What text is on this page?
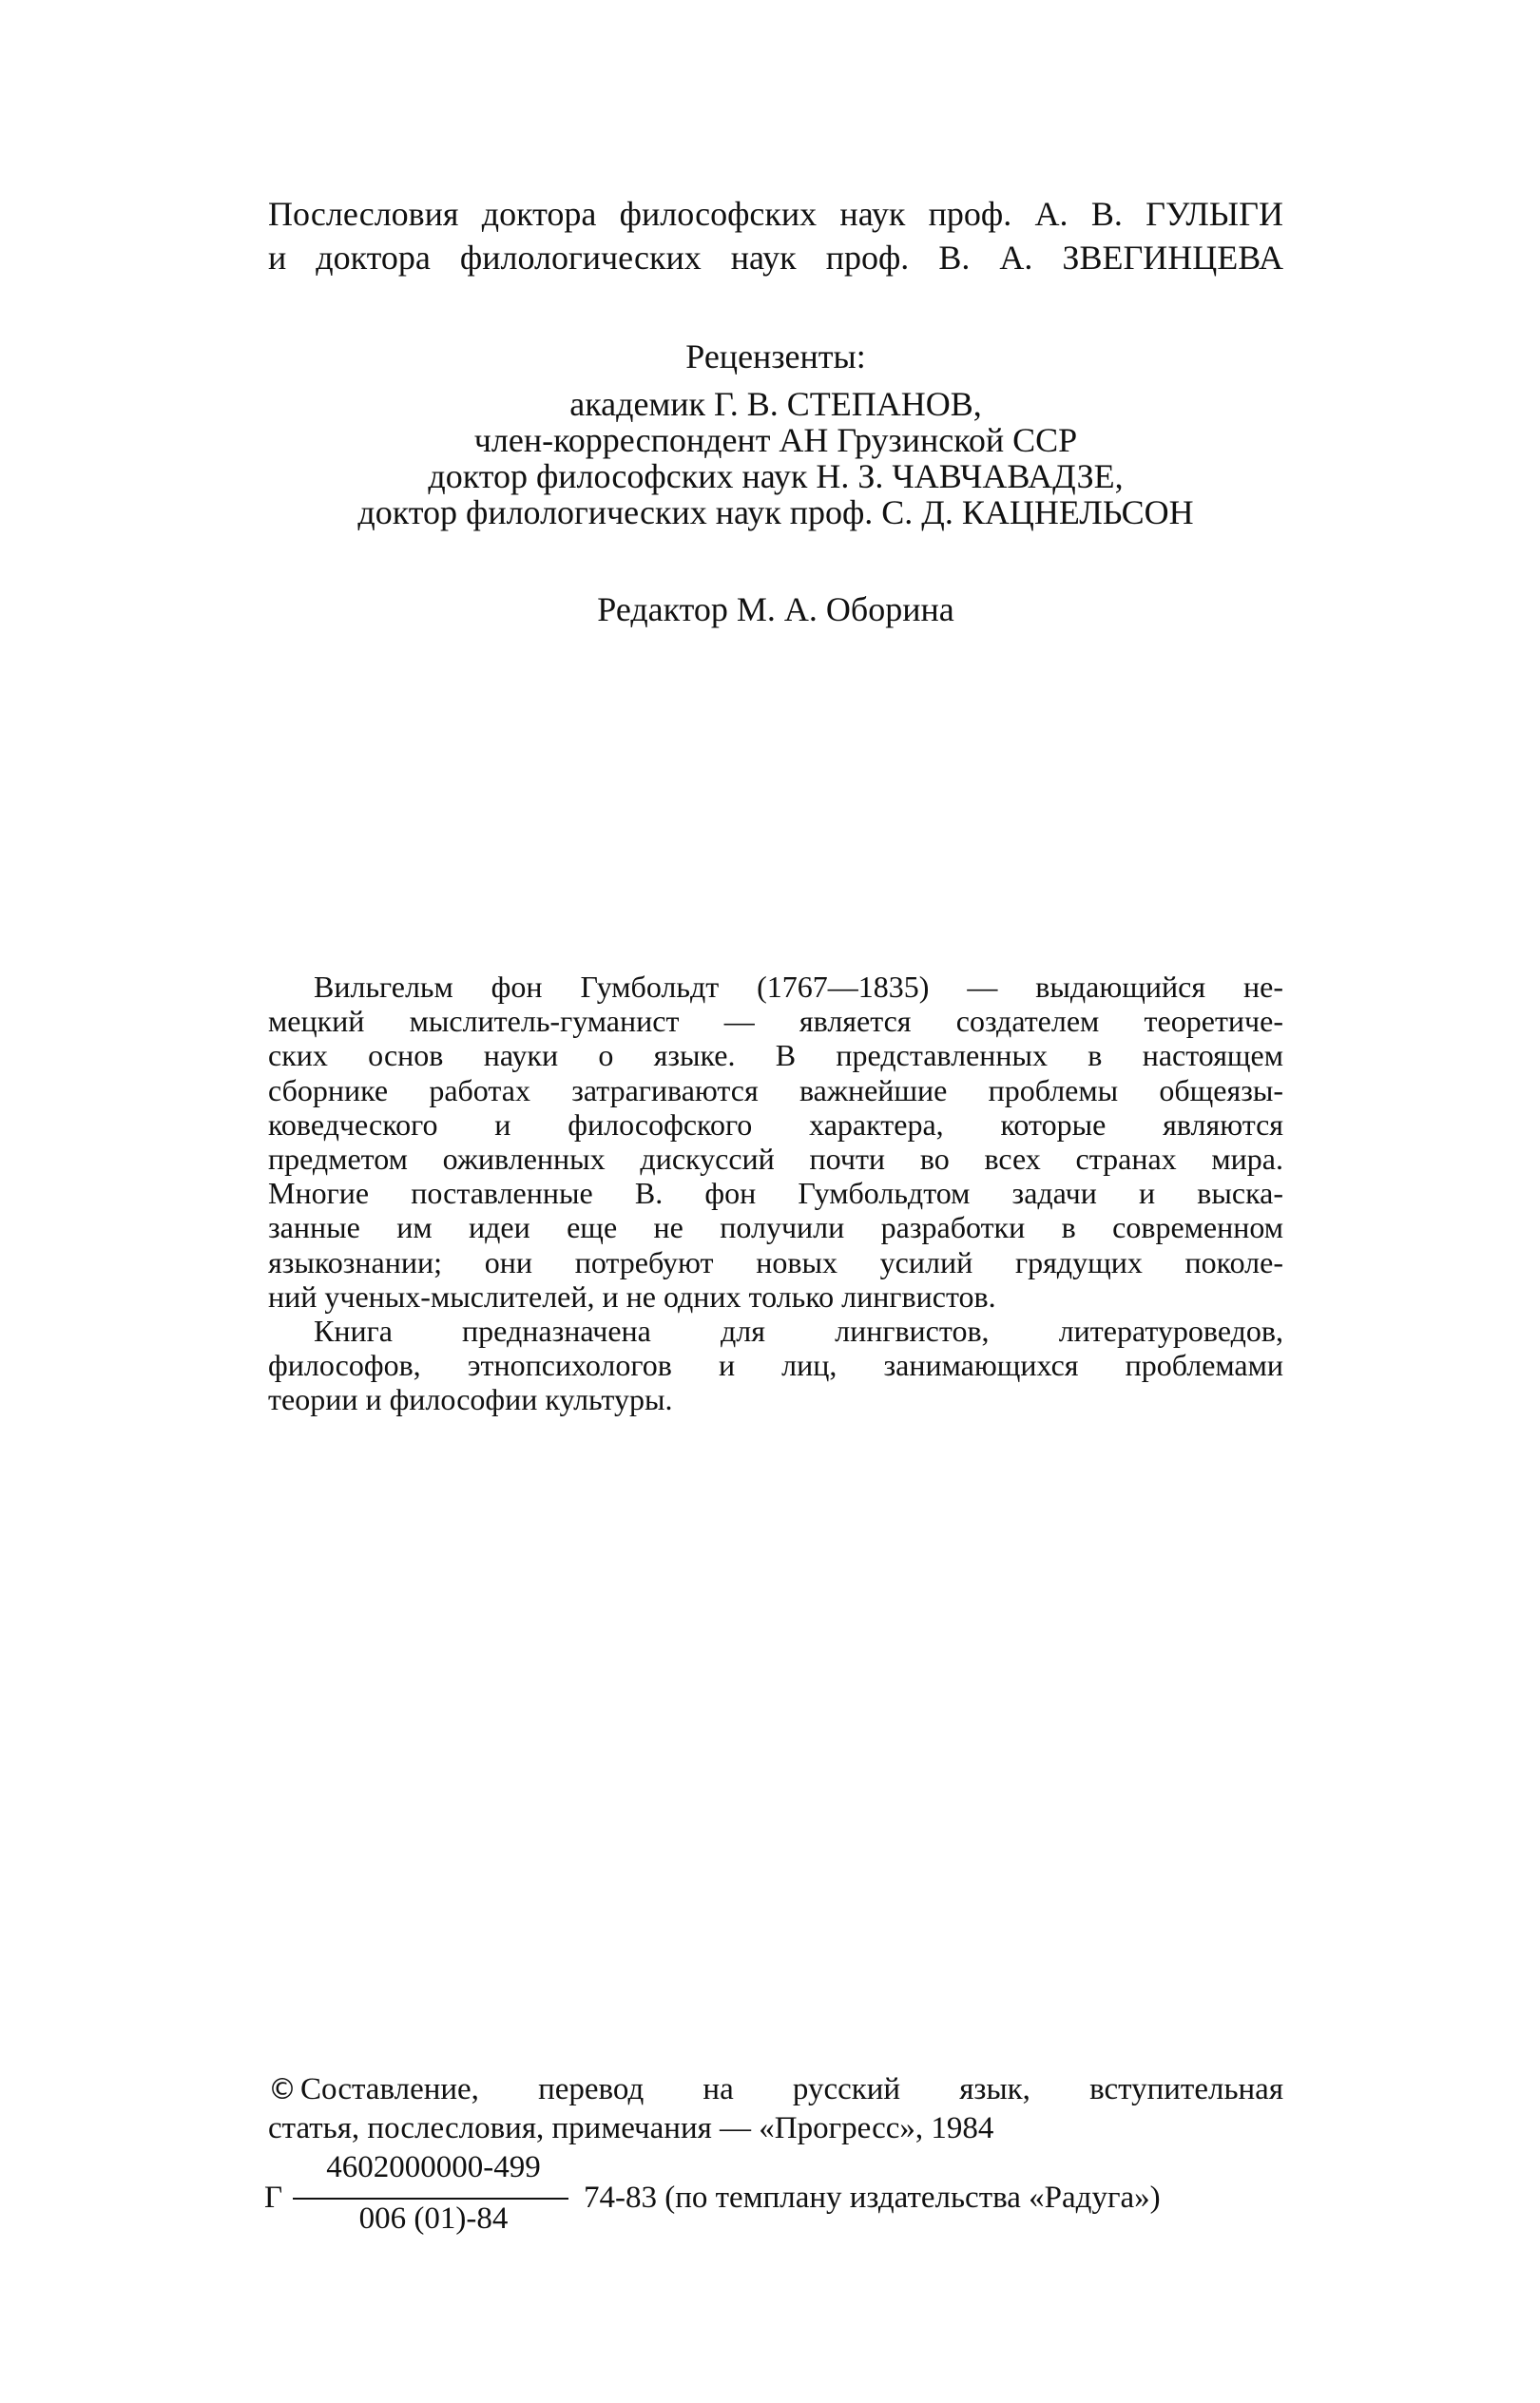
Послесловия доктора философских наук проф. А. В. ГУЛЫГИ
и доктора филологических наук проф. В. А. ЗВЕГИНЦЕВА
Рецензенты:
академик Г. В. СТЕПАНОВ,
член-корреспондент АН Грузинской ССР
доктор философских наук Н. З. ЧАВЧАВАДЗЕ,
доктор филологических наук проф. С. Д. КАЦНЕЛЬСОН
Редактор М. А. Оборина
Вильгельм фон Гумбольдт (1767—1835) — выдающийся не-
мецкий мыслитель-гуманист — является создателем теоретиче-
ских основ науки о языке. В представленных в настоящем
сборнике работах затрагиваются важнейшие проблемы общеязы-
коведческого и философского характера, которые являются
предметом оживленных дискуссий почти во всех странах мира.
Многие поставленные В. фон Гумбольдтом задачи и выска-
занные им идеи еще не получили разработки в современном
языкознании; они потребуют новых усилий грядущих поколе-
ний ученых-мыслителей, и не одних только лингвистов.
Книга предназначена для лингвистов, литературоведов,
философов, этнопсихологов и лиц, занимающихся проблемами
теории и философии культуры.
© Составление, перевод на русский язык, вступительная
статья, послесловия, примечания — «Прогресс», 1984
Г
4602000000-499
006 (01)-84
74-83 (по темплану издательства «Радуга»)
